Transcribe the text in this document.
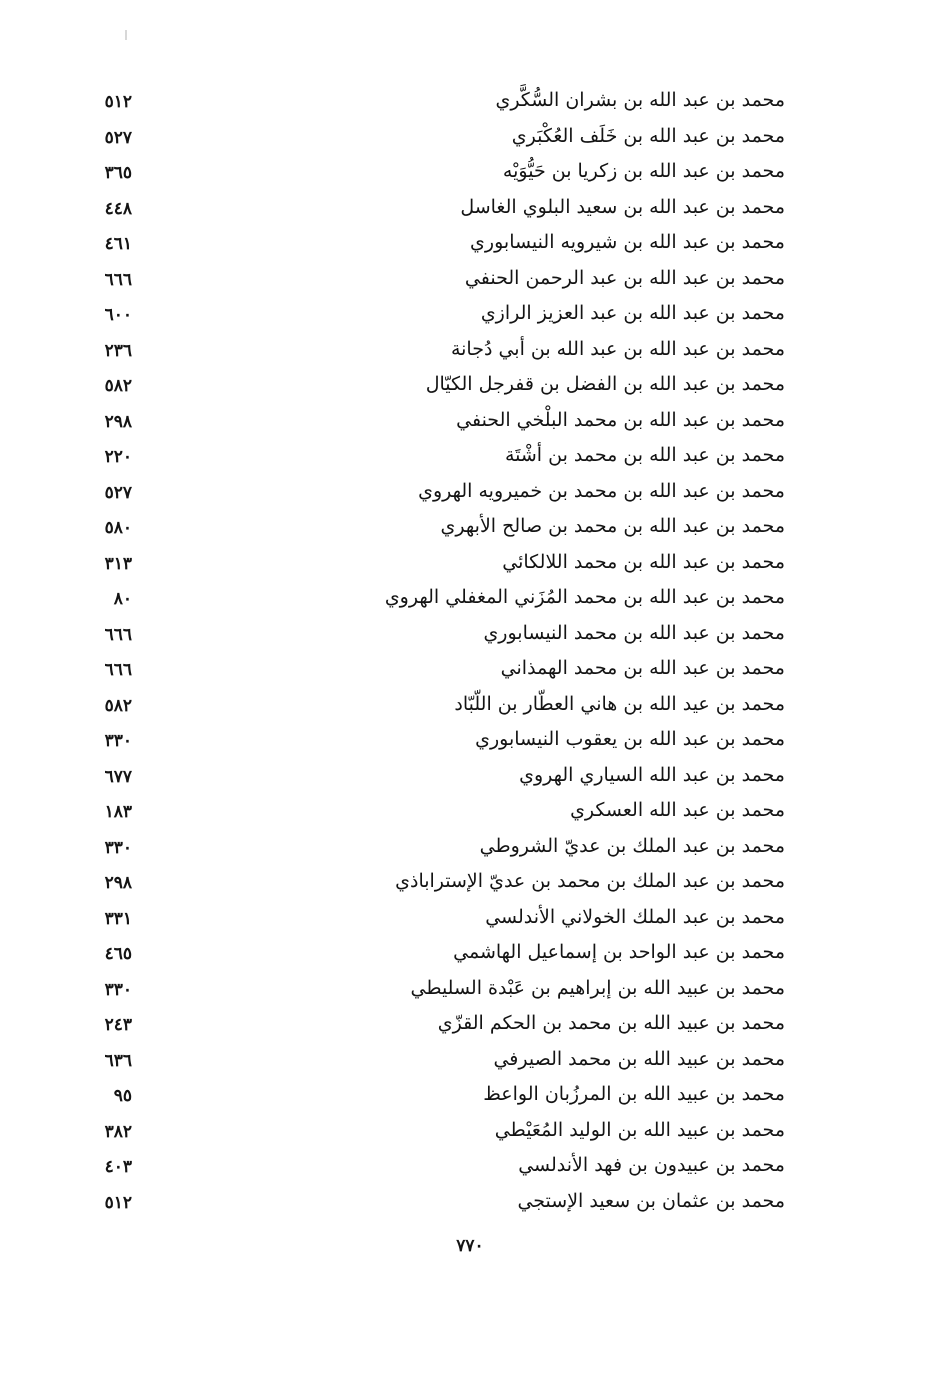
محمد بن عبد الله بن بشران السُّكَّري
٥١٢
محمد بن عبد الله بن خَلَف العُكْبَري
٥٢٧
محمد بن عبد الله بن زكريا بن حَيُّوَيْه
٣٦٥
محمد بن عبد الله بن سعيد البلوي الغاسل
٤٤٨
محمد بن عبد الله بن شيرويه النيسابوري
٤٦١
محمد بن عبد الله بن عبد الرحمن الحنفي
٦٦٦
محمد بن عبد الله بن عبد العزيز الرازي
٦٠٠
محمد بن عبد الله بن عبد الله بن أبي دُجانة
٢٣٦
محمد بن عبد الله بن الفضل بن قفرجل الكيّال
٥٨٢
محمد بن عبد الله بن محمد البلْخي الحنفي
٢٩٨
محمد بن عبد الله بن محمد بن أشْتَة
٢٢٠
محمد بن عبد الله بن محمد بن خميرويه الهروي
٥٢٧
محمد بن عبد الله بن محمد بن صالح الأبهري
٥٨٠
محمد بن عبد الله بن محمد اللالكائي
٣١٣
محمد بن عبد الله بن محمد المُزَني المغفلي الهروي
٨٠
محمد بن عبد الله بن محمد النيسابوري
٦٦٦
محمد بن عبد الله بن محمد الهمذاني
٦٦٦
محمد بن عيد الله بن هاني العطّار بن اللّبّاد
٥٨٢
محمد بن عبد الله بن يعقوب النيسابوري
٣٣٠
محمد بن عبد الله السياري الهروي
٦٧٧
محمد بن عبد الله العسكري
١٨٣
محمد بن عبد الملك بن عديّ الشروطي
٣٣٠
محمد بن عبد الملك بن محمد بن عديّ الإستراباذي
٢٩٨
محمد بن عبد الملك الخولاني الأندلسي
٣٣١
محمد بن عبد الواحد بن إسماعيل الهاشمي
٤٦٥
محمد بن عبيد الله بن إبراهيم بن عَبْدة السليطي
٣٣٠
محمد بن عبيد الله بن محمد بن الحكم القزّي
٢٤٣
محمد بن عبيد الله بن محمد الصيرفي
٦٣٦
محمد بن عبيد الله بن المرزُبان الواعظ
٩٥
محمد بن عبيد الله بن الوليد المُعَيْطي
٣٨٢
محمد بن عبيدون بن فهد الأندلسي
٤٠٣
محمد بن عثمان بن سعيد الإستجي
٥١٢
٧٧٠
